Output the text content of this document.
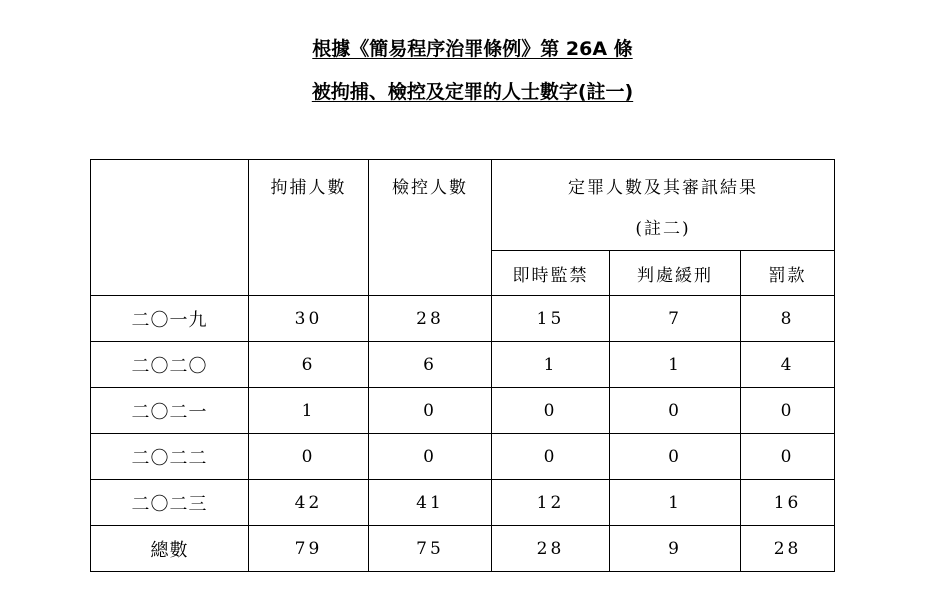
根據《簡易程序治罪條例》第 26A 條
被拘捕、檢控及定罪的人士數字(註一)

	拘捕人數	檢控人數	定罪人數及其審訊結果
(註二)		

			即時監禁	判處緩刑	罰款
二〇一九	30	28	15	7	8
二〇二〇	6	6	1	1	4
二〇二一	1	0	0	0	0
二〇二二	0	0	0	0	0
二〇二三	42	41	12	1	16
總數	79	75	28	9	28
